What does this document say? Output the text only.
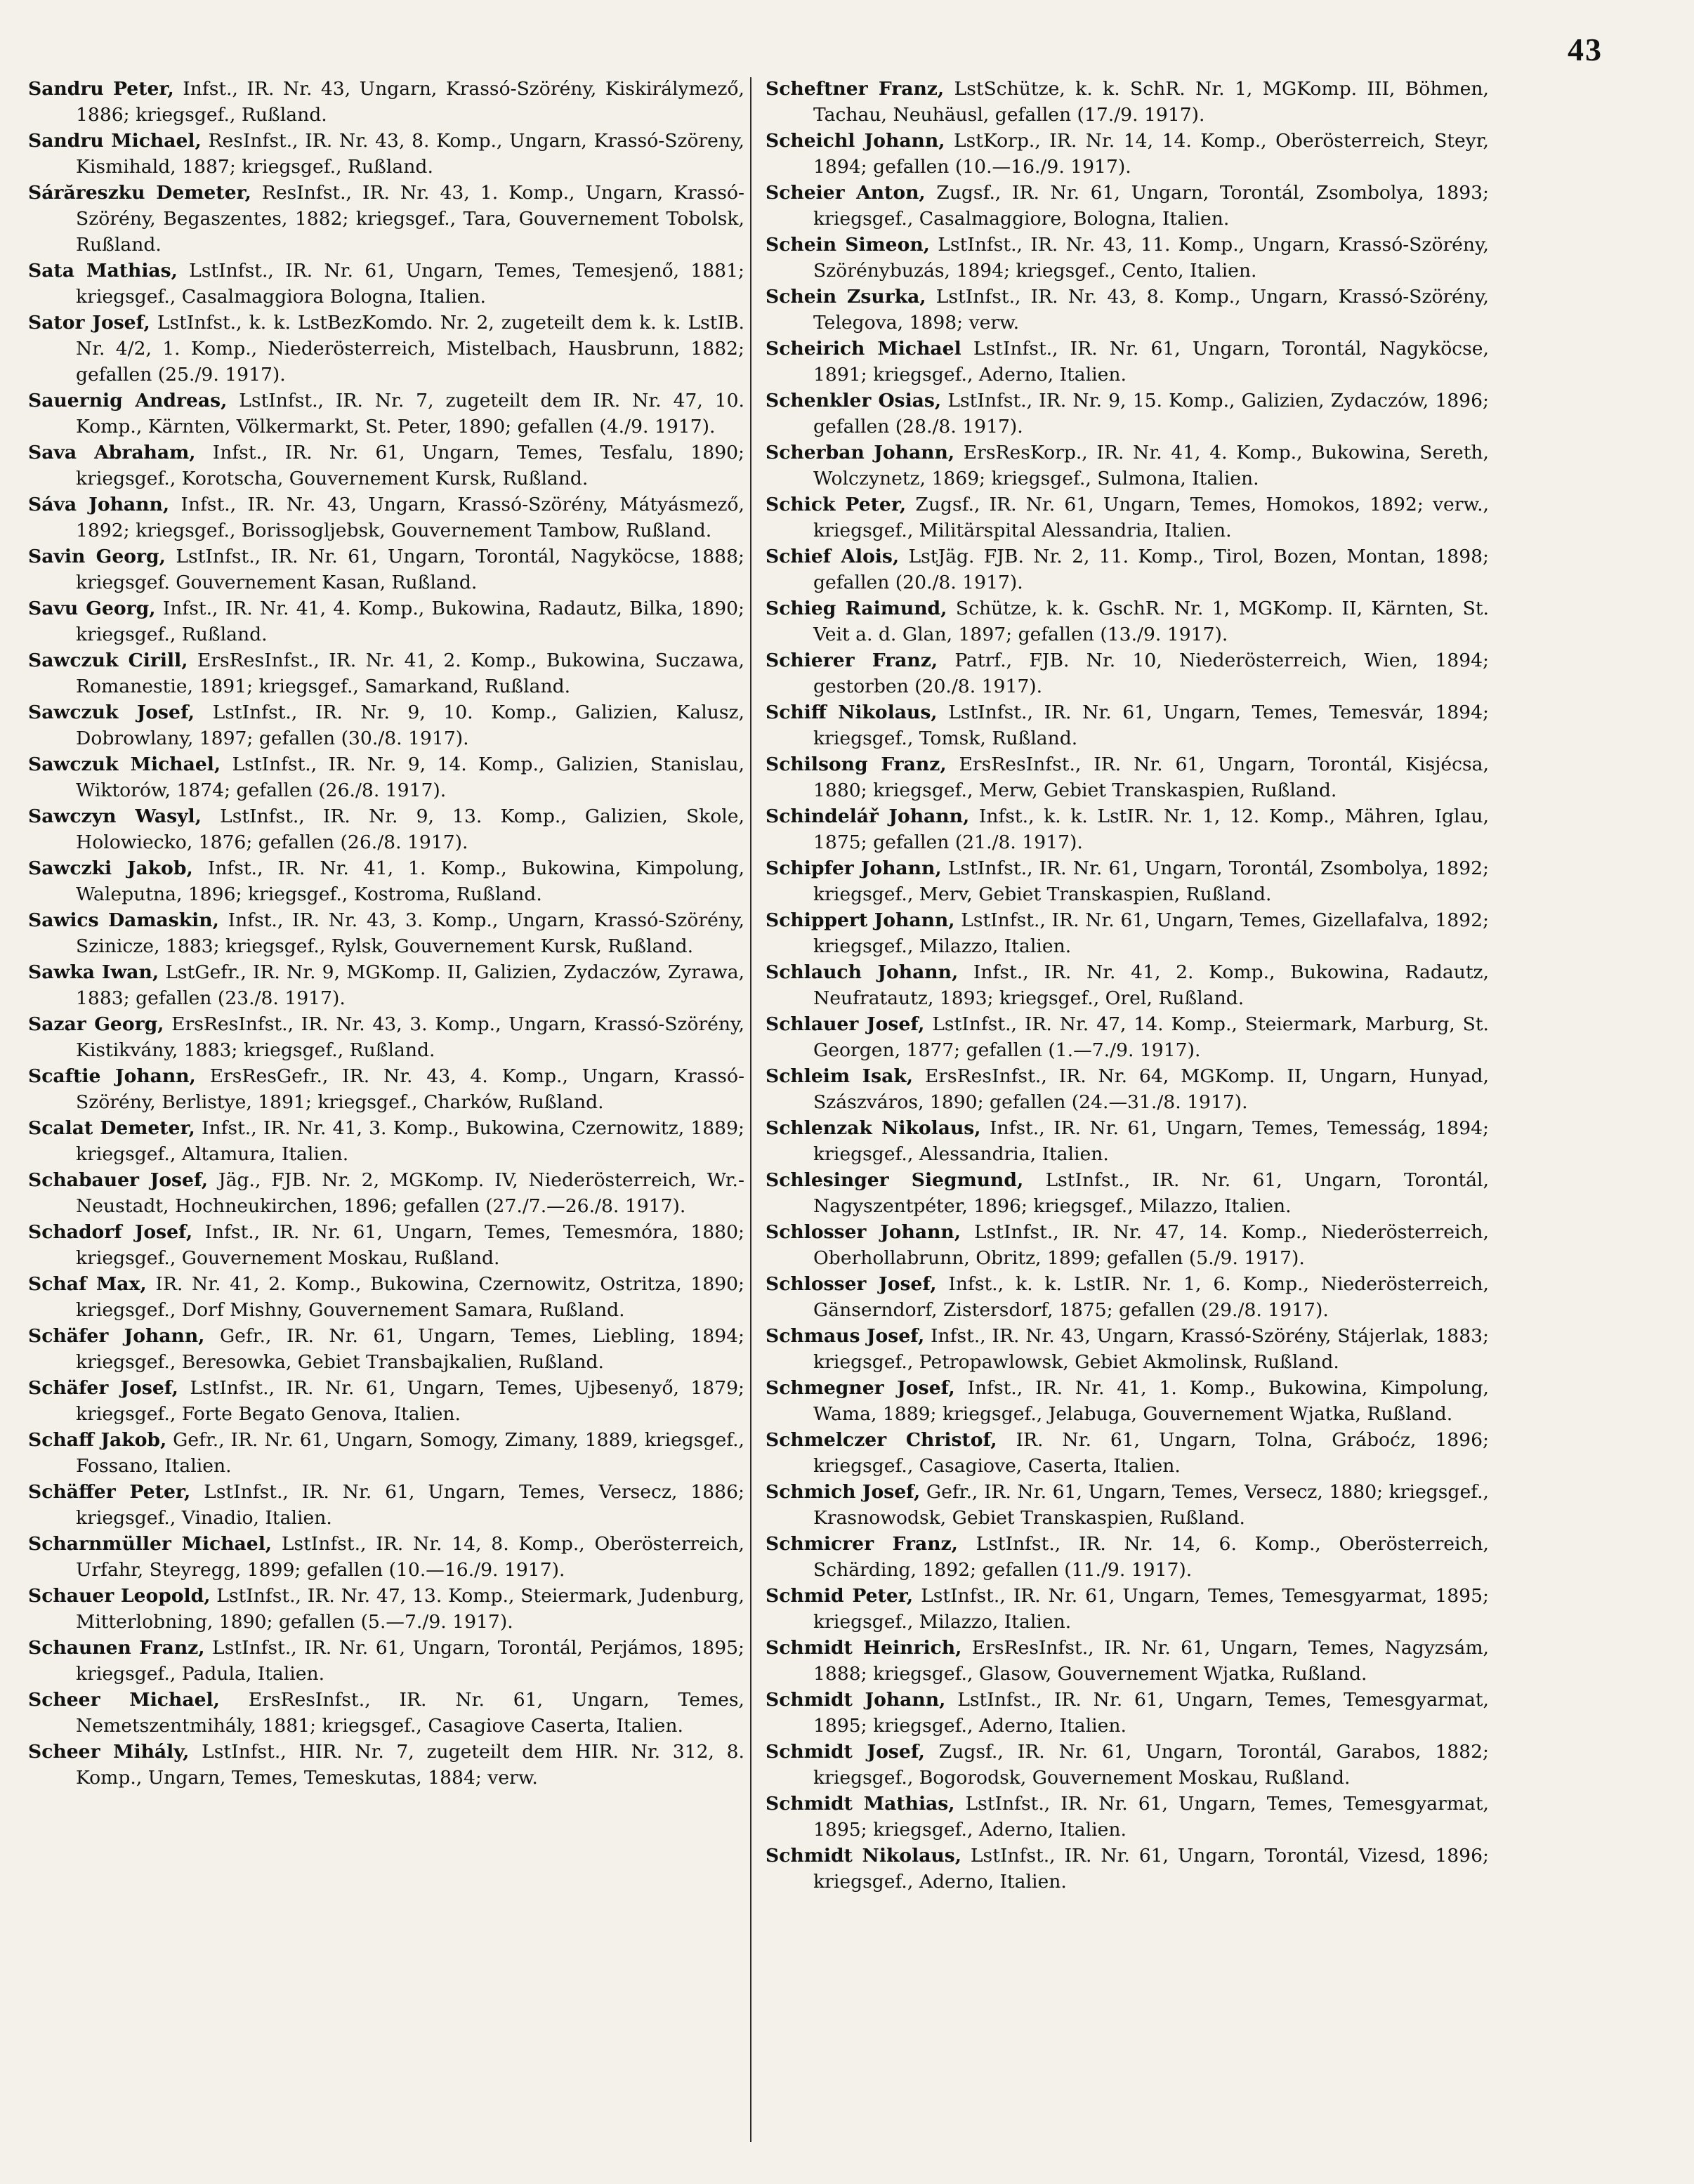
43
Sandru Peter, Infst., IR. Nr. 43, Ungarn, Krassó-Szörény, Kiskirálymező, 1886; kriegsgef., Rußland.
Sandru Michael, ResInfst., IR. Nr. 43, 8. Komp., Ungarn, Krassó-Szöreny, Kismihald, 1887; kriegsgef., Rußland.
Sárăreszku Demeter, ResInfst., IR. Nr. 43, 1. Komp., Ungarn, Krassó-Szörény, Begaszentes, 1882; kriegsgef., Tara, Gouvernement Tobolsk, Rußland.
Sata Mathias, LstInfst., IR. Nr. 61, Ungarn, Temes, Temesjenő, 1881; kriegsgef., Casalmaggiora Bologna, Italien.
Sator Josef, LstInfst., k. k. LstBezKomdo. Nr. 2, zugeteilt dem k. k. LstIB. Nr. 4/2, 1. Komp., Niederösterreich, Mistelbach, Hausbrunn, 1882; gefallen (25./9. 1917).
Sauernig Andreas, LstInfst., IR. Nr. 7, zugeteilt dem IR. Nr. 47, 10. Komp., Kärnten, Völkermarkt, St. Peter, 1890; gefallen (4./9. 1917).
Sava Abraham, Infst., IR. Nr. 61, Ungarn, Temes, Tesfalu, 1890; kriegsgef., Korotscha, Gouvernement Kursk, Rußland.
Sáva Johann, Infst., IR. Nr. 43, Ungarn, Krassó-Szörény, Mátyásmező, 1892; kriegsgef., Borissoglјebsk, Gouvernement Tambow, Rußland.
Savin Georg, LstInfst., IR. Nr. 61, Ungarn, Torontál, Nagyköcse, 1888; kriegsgef. Gouvernement Kasan, Rußland.
Savu Georg, Infst., IR. Nr. 41, 4. Komp., Bukowina, Radautz, Bilka, 1890; kriegsgef., Rußland.
Sawczuk Cirill, ErsResInfst., IR. Nr. 41, 2. Komp., Bukowina, Suczawa, Romanestie, 1891; kriegsgef., Samarkand, Rußland.
Sawczuk Josef, LstInfst., IR. Nr. 9, 10. Komp., Galizien, Kalusz, Dobrowlany, 1897; gefallen (30./8. 1917).
Sawczuk Michael, LstInfst., IR. Nr. 9, 14. Komp., Galizien, Stanislau, Wiktorów, 1874; gefallen (26./8. 1917).
Sawczyn Wasyl, LstInfst., IR. Nr. 9, 13. Komp., Galizien, Skole, Holowiecko, 1876; gefallen (26./8. 1917).
Sawczki Jakob, Infst., IR. Nr. 41, 1. Komp., Bukowina, Kimpolung, Waleputna, 1896; kriegsgef., Kostroma, Rußland.
Sawics Damaskin, Infst., IR. Nr. 43, 3. Komp., Ungarn, Krassó-Szörény, Szinicze, 1883; kriegsgef., Rylsk, Gouvernement Kursk, Rußland.
Sawka Iwan, LstGefr., IR. Nr. 9, MGKomp. II, Galizien, Zydaczów, Zyrawa, 1883; gefallen (23./8. 1917).
Sazar Georg, ErsResInfst., IR. Nr. 43, 3. Komp., Ungarn, Krassó-Szörény, Kistikvány, 1883; kriegsgef., Rußland.
Scaftie Johann, ErsResGefr., IR. Nr. 43, 4. Komp., Ungarn, Krassó-Szörény, Berlistye, 1891; kriegsgef., Charków, Rußland.
Scalat Demeter, Infst., IR. Nr. 41, 3. Komp., Bukowina, Czernowitz, 1889; kriegsgef., Altamura, Italien.
Schabauer Josef, Jäg., FJB. Nr. 2, MGKomp. IV, Niederösterreich, Wr.-Neustadt, Hochneukirchen, 1896; gefallen (27./7.—26./8. 1917).
Schadorf Josef, Infst., IR. Nr. 61, Ungarn, Temes, Temesmóra, 1880; kriegsgef., Gouvernement Moskau, Rußland.
Schaf Max, IR. Nr. 41, 2. Komp., Bukowina, Czernowitz, Ostritza, 1890; kriegsgef., Dorf Mishny, Gouvernement Samara, Rußland.
Schäfer Johann, Gefr., IR. Nr. 61, Ungarn, Temes, Liebling, 1894; kriegsgef., Beresowka, Gebiet Transbajkalien, Rußland.
Schäfer Josef, LstInfst., IR. Nr. 61, Ungarn, Temes, Ujbesenyő, 1879; kriegsgef., Forte Begato Genova, Italien.
Schaff Jakob, Gefr., IR. Nr. 61, Ungarn, Somogy, Zimany, 1889, kriegsgef., Fossano, Italien.
Schäffer Peter, LstInfst., IR. Nr. 61, Ungarn, Temes, Versecz, 1886; kriegsgef., Vinadio, Italien.
Scharnmüller Michael, LstInfst., IR. Nr. 14, 8. Komp., Oberösterreich, Urfahr, Steyregg, 1899; gefallen (10.—16./9. 1917).
Schauer Leopold, LstInfst., IR. Nr. 47, 13. Komp., Steiermark, Judenburg, Mitterlobning, 1890; gefallen (5.—7./9. 1917).
Schaunen Franz, LstInfst., IR. Nr. 61, Ungarn, Torontál, Perjámos, 1895; kriegsgef., Padula, Italien.
Scheer Michael, ErsResInfst., IR. Nr. 61, Ungarn, Temes, Nemetszentmihály, 1881; kriegsgef., Casagiove Caserta, Italien.
Scheer Mihály, LstInfst., HIR. Nr. 7, zugeteilt dem HIR. Nr. 312, 8. Komp., Ungarn, Temes, Temeskutas, 1884; verw.
Scheftner Franz, LstSchütze, k. k. SchR. Nr. 1, MGKomp. III, Böhmen, Tachau, Neuhäusl, gefallen (17./9. 1917).
Scheichl Johann, LstKorp., IR. Nr. 14, 14. Komp., Oberösterreich, Steyr, 1894; gefallen (10.—16./9. 1917).
Scheier Anton, Zugsf., IR. Nr. 61, Ungarn, Torontál, Zsombolya, 1893; kriegsgef., Casalmaggiore, Bologna, Italien.
Schein Simeon, LstInfst., IR. Nr. 43, 11. Komp., Ungarn, Krassó-Szörény, Szörénybuzás, 1894; kriegsgef., Cento, Italien.
Schein Zsurka, LstInfst., IR. Nr. 43, 8. Komp., Ungarn, Krassó-Szörény, Telegova, 1898; verw.
Scheirich Michael LstInfst., IR. Nr. 61, Ungarn, Torontál, Nagyköcse, 1891; kriegsgef., Aderno, Italien.
Schenkler Osias, LstInfst., IR. Nr. 9, 15. Komp., Galizien, Zydaczów, 1896; gefallen (28./8. 1917).
Scherban Johann, ErsResKorp., IR. Nr. 41, 4. Komp., Bukowina, Sereth, Wolczynetz, 1869; kriegsgef., Sulmona, Italien.
Schick Peter, Zugsf., IR. Nr. 61, Ungarn, Temes, Homokos, 1892; verw., kriegsgef., Militärspital Alessandria, Italien.
Schief Alois, LstJäg. FJB. Nr. 2, 11. Komp., Tirol, Bozen, Montan, 1898; gefallen (20./8. 1917).
Schieg Raimund, Schütze, k. k. GschR. Nr. 1, MGKomp. II, Kärnten, St. Veit a. d. Glan, 1897; gefallen (13./9. 1917).
Schierer Franz, Patrf., FJB. Nr. 10, Niederösterreich, Wien, 1894; gestorben (20./8. 1917).
Schiff Nikolaus, LstInfst., IR. Nr. 61, Ungarn, Temes, Temesvár, 1894; kriegsgef., Tomsk, Rußland.
Schilsong Franz, ErsResInfst., IR. Nr. 61, Ungarn, Torontál, Kisjécsa, 1880; kriegsgef., Merw, Gebiet Transkaspien, Rußland.
Schindelář Johann, Infst., k. k. LstIR. Nr. 1, 12. Komp., Mähren, Iglau, 1875; gefallen (21./8. 1917).
Schipfer Johann, LstInfst., IR. Nr. 61, Ungarn, Torontál, Zsombolya, 1892; kriegsgef., Merv, Gebiet Transkaspien, Rußland.
Schippert Johann, LstInfst., IR. Nr. 61, Ungarn, Temes, Gizellafalva, 1892; kriegsgef., Milazzo, Italien.
Schlauch Johann, Infst., IR. Nr. 41, 2. Komp., Bukowina, Radautz, Neufratautz, 1893; kriegsgef., Orel, Rußland.
Schlauer Josef, LstInfst., IR. Nr. 47, 14. Komp., Steiermark, Marburg, St. Georgen, 1877; gefallen (1.—7./9. 1917).
Schleim Isak, ErsResInfst., IR. Nr. 64, MGKomp. II, Ungarn, Hunyad, Szászváros, 1890; gefallen (24.—31./8. 1917).
Schlenzak Nikolaus, Infst., IR. Nr. 61, Ungarn, Temes, Temesság, 1894; kriegsgef., Alessandria, Italien.
Schlesinger Siegmund, LstInfst., IR. Nr. 61, Ungarn, Torontál, Nagyszentpéter, 1896; kriegsgef., Milazzo, Italien.
Schlosser Johann, LstInfst., IR. Nr. 47, 14. Komp., Niederösterreich, Oberhollabrunn, Obritz, 1899; gefallen (5./9. 1917).
Schlosser Josef, Infst., k. k. LstIR. Nr. 1, 6. Komp., Niederösterreich, Gänserndorf, Zistersdorf, 1875; gefallen (29./8. 1917).
Schmaus Josef, Infst., IR. Nr. 43, Ungarn, Krassó-Szörény, Stájerlak, 1883; kriegsgef., Petropawlowsk, Gebiet Akmolinsk, Rußland.
Schmegner Josef, Infst., IR. Nr. 41, 1. Komp., Bukowina, Kimpolung, Wama, 1889; kriegsgef., Jelabuga, Gouvernement Wjatka, Rußland.
Schmelczer Christof, IR. Nr. 61, Ungarn, Tolna, Gráboćz, 1896; kriegsgef., Casagiove, Caserta, Italien.
Schmich Josef, Gefr., IR. Nr. 61, Ungarn, Temes, Versecz, 1880; kriegsgef., Krasnowodsk, Gebiet Transkaspien, Rußland.
Schmicrer Franz, LstInfst., IR. Nr. 14, 6. Komp., Oberösterreich, Schärding, 1892; gefallen (11./9. 1917).
Schmid Peter, LstInfst., IR. Nr. 61, Ungarn, Temes, Temesgyarmat, 1895; kriegsgef., Milazzo, Italien.
Schmidt Heinrich, ErsResInfst., IR. Nr. 61, Ungarn, Temes, Nagyzsám, 1888; kriegsgef., Glasow, Gouvernement Wjatka, Rußland.
Schmidt Johann, LstInfst., IR. Nr. 61, Ungarn, Temes, Temesgyarmat, 1895; kriegsgef., Aderno, Italien.
Schmidt Josef, Zugsf., IR. Nr. 61, Ungarn, Torontál, Garabos, 1882; kriegsgef., Bogorodsk, Gouvernement Moskau, Rußland.
Schmidt Mathias, LstInfst., IR. Nr. 61, Ungarn, Temes, Temesgyarmat, 1895; kriegsgef., Aderno, Italien.
Schmidt Nikolaus, LstInfst., IR. Nr. 61, Ungarn, Torontál, Vizesd, 1896; kriegsgef., Aderno, Italien.
